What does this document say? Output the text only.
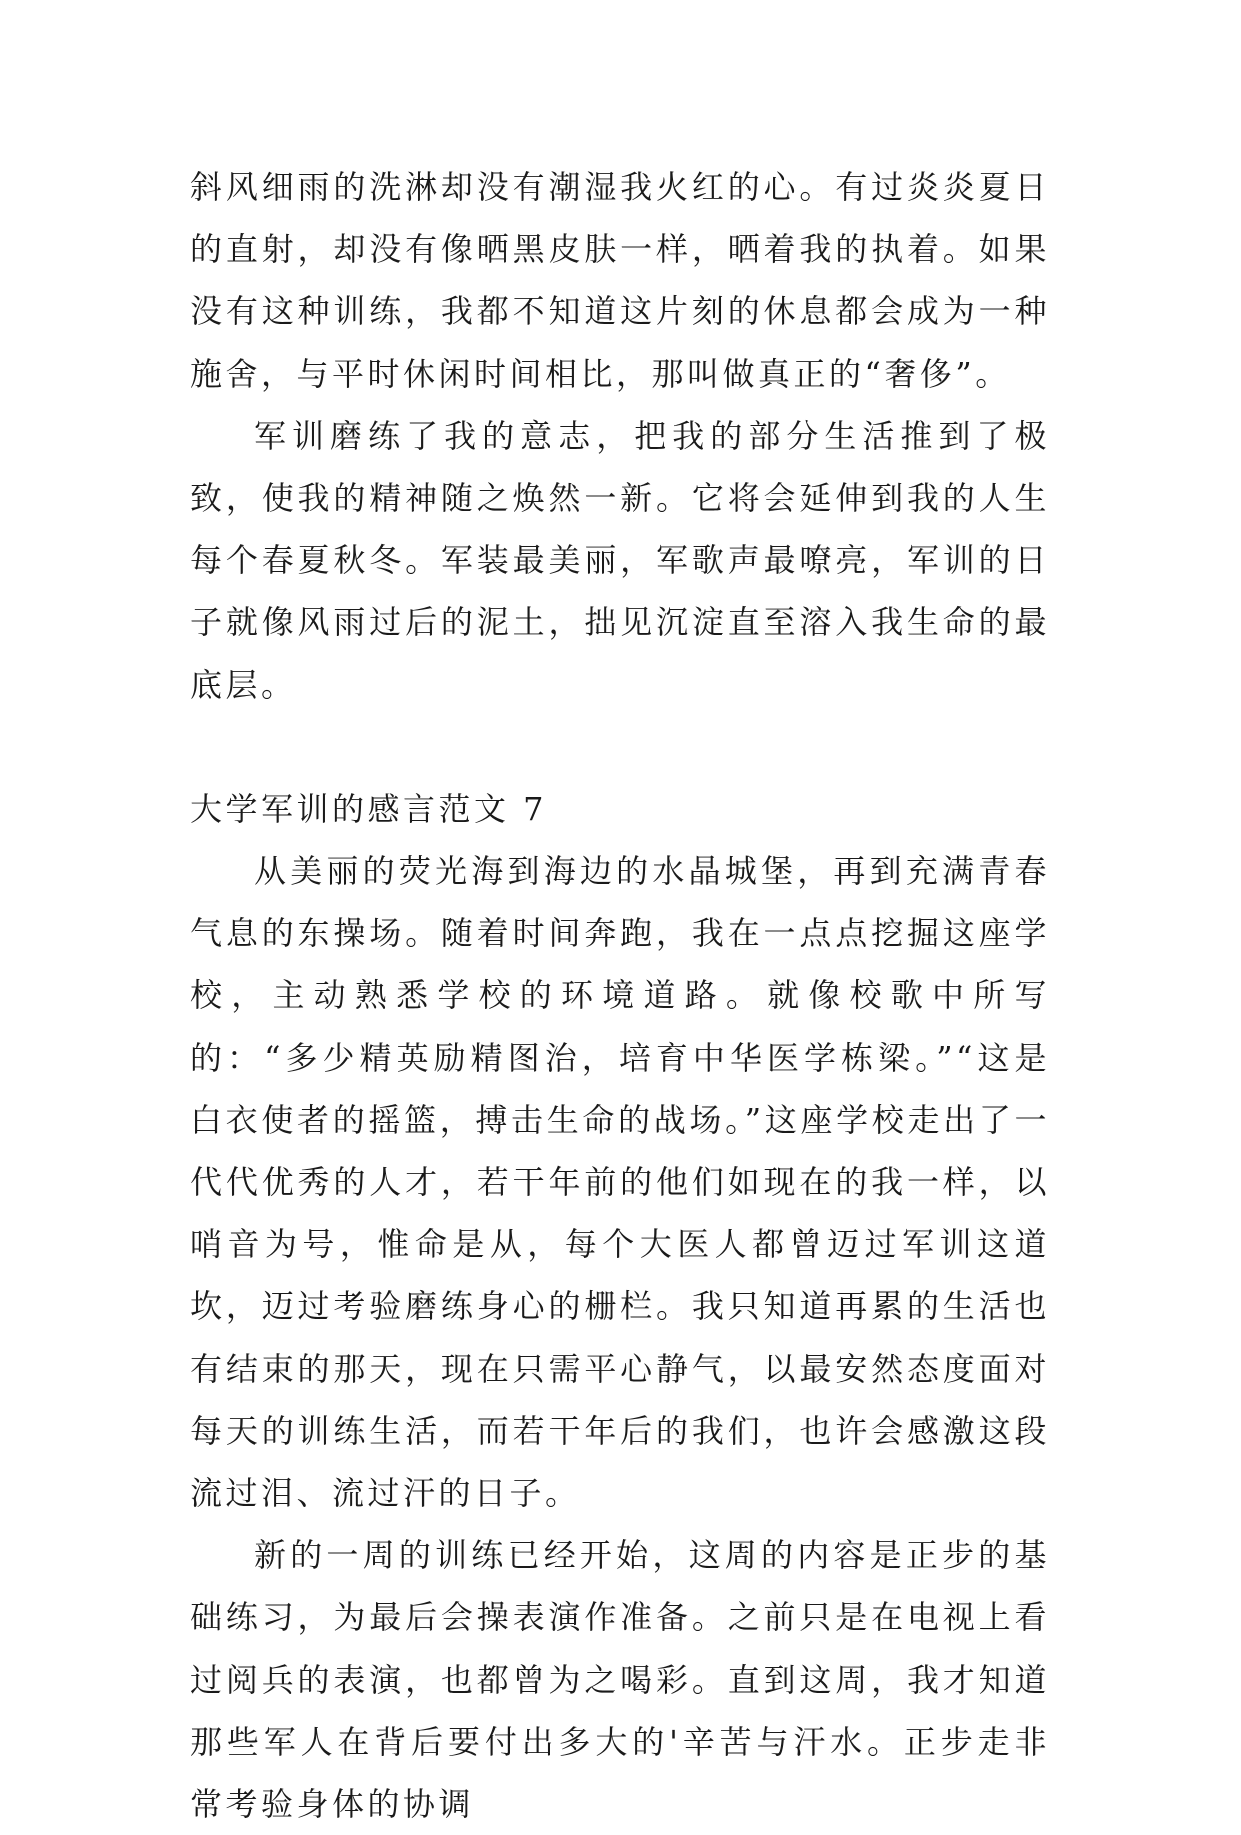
斜风细雨的洗淋却没有潮湿我火红的心。有过炎炎夏日的直射，却没有像晒黑皮肤一样，晒着我的执着。如果没有这种训练，我都不知道这片刻的休息都会成为一种施舍，与平时休闲时间相比，那叫做真正的“奢侈”。

军训磨练了我的意志，把我的部分生活推到了极致，使我的精神随之焕然一新。它将会延伸到我的人生每个春夏秋冬。军装最美丽，军歌声最嘹亮，军训的日子就像风雨过后的泥土，拙见沉淀直至溶入我生命的最底层。

大学军训的感言范文 7

从美丽的荧光海到海边的水晶城堡，再到充满青春气息的东操场。随着时间奔跑，我在一点点挖掘这座学校，主动熟悉学校的环境道路。就像校歌中所写的：“多少精英励精图治，培育中华医学栋梁。”“这是白衣使者的摇篮，搏击生命的战场。”这座学校走出了一代代优秀的人才，若干年前的他们如现在的我一样，以哨音为号，惟命是从，每个大医人都曾迈过军训这道坎，迈过考验磨练身心的栅栏。我只知道再累的生活也有结束的那天，现在只需平心静气，以最安然态度面对每天的训练生活，而若干年后的我们，也许会感激这段流过泪、流过汗的日子。

新的一周的训练已经开始，这周的内容是正步的基础练习，为最后会操表演作准备。之前只是在电视上看过阅兵的表演，也都曾为之喝彩。直到这周，我才知道那些军人在背后要付出多大的'辛苦与汗水。正步走非常考验身体的协调
